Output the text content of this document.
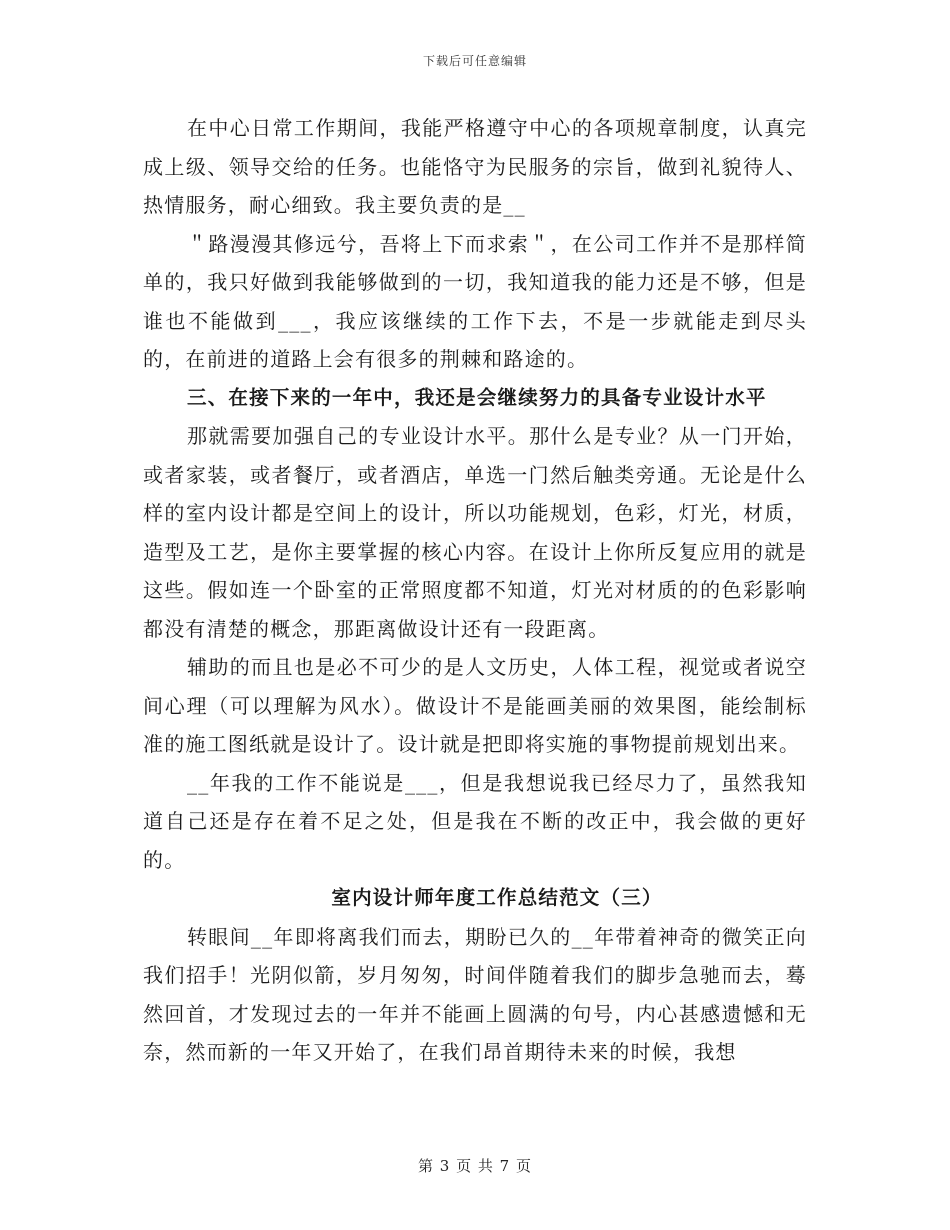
下载后可任意编辑

在中心日常工作期间，我能严格遵守中心的各项规章制度，认真完成上级、领导交给的任务。也能恪守为民服务的宗旨，做到礼貌待人、热情服务，耐心细致。我主要负责的是__

＂路漫漫其修远兮，吾将上下而求索＂，在公司工作并不是那样简单的，我只好做到我能够做到的一切，我知道我的能力还是不够，但是谁也不能做到___，我应该继续的工作下去，不是一步就能走到尽头的，在前进的道路上会有很多的荆棘和路途的。

三、在接下来的一年中，我还是会继续努力的具备专业设计水平

那就需要加强自己的专业设计水平。那什么是专业？从一门开始，或者家装，或者餐厅，或者酒店，单选一门然后触类旁通。无论是什么样的室内设计都是空间上的设计，所以功能规划，色彩，灯光，材质，造型及工艺，是你主要掌握的核心内容。在设计上你所反复应用的就是这些。假如连一个卧室的正常照度都不知道，灯光对材质的的色彩影响都没有清楚的概念，那距离做设计还有一段距离。

辅助的而且也是必不可少的是人文历史，人体工程，视觉或者说空间心理（可以理解为风水）。做设计不是能画美丽的效果图，能绘制标准的施工图纸就是设计了。设计就是把即将实施的事物提前规划出来。

__年我的工作不能说是___，但是我想说我已经尽力了，虽然我知道自己还是存在着不足之处，但是我在不断的改正中，我会做的更好的。

室内设计师年度工作总结范文（三）

转眼间__年即将离我们而去，期盼已久的__年带着神奇的微笑正向我们招手！光阴似箭，岁月匆匆，时间伴随着我们的脚步急驰而去，蓦然回首，才发现过去的一年并不能画上圆满的句号，内心甚感遗憾和无奈，然而新的一年又开始了，在我们昂首期待未来的时候，我想

第 3 页 共 7 页
